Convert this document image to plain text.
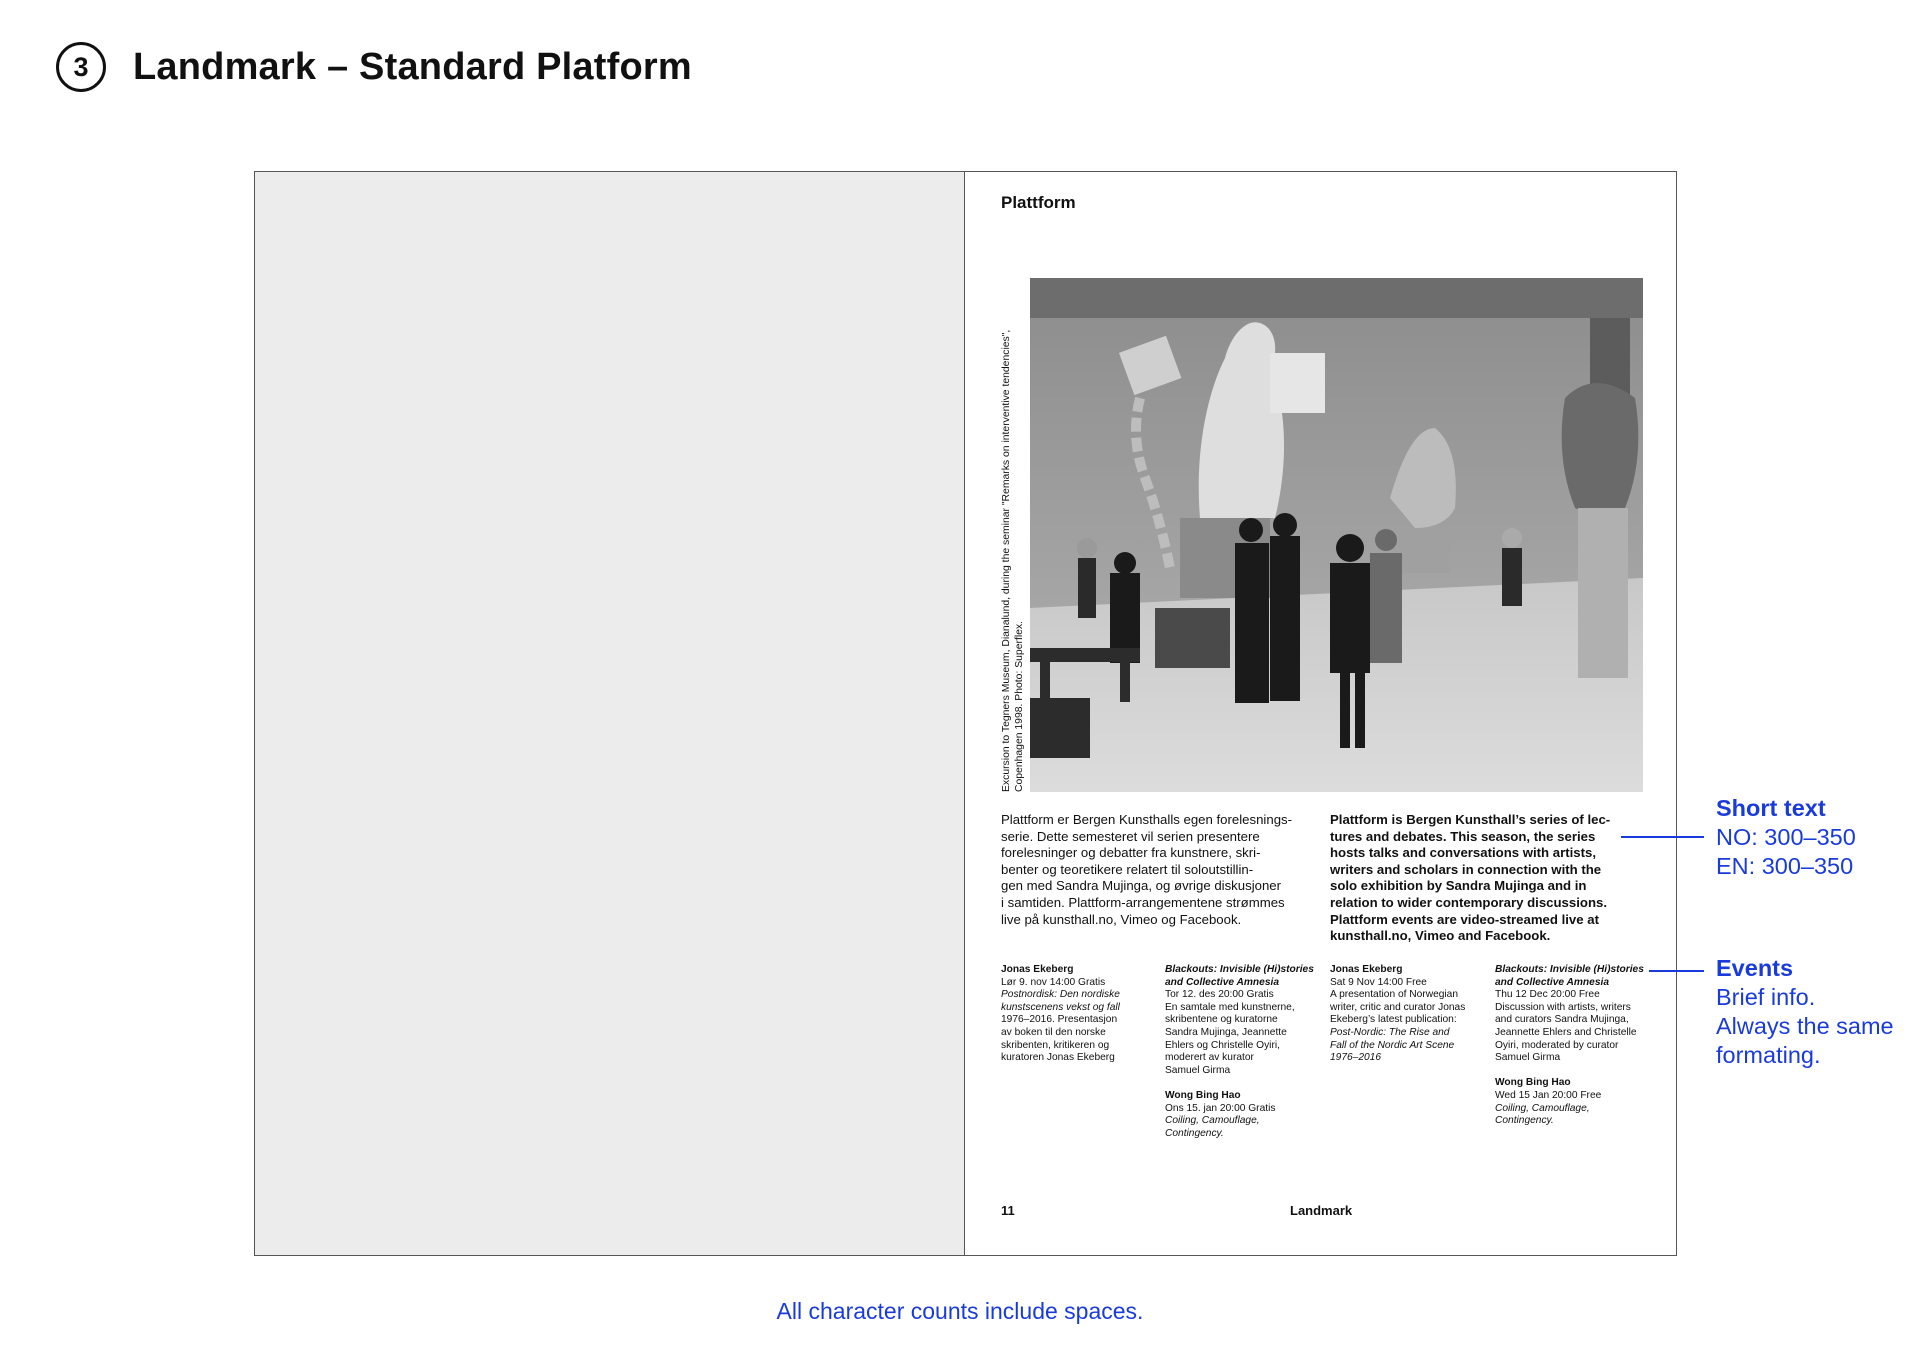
3	Landmark – Standard Platform
Plattform
Excursion to Tegners Museum, Dianalund, during the seminar "Remarks on interventive tendencies", Copenhagen 1998. Photo: Superflex.
Plattform er Bergen Kunsthalls egen forelesnings-
serie. Dette semesteret vil serien presentere
forelesninger og debatter fra kunstnere, skri-
benter og teoretikere relatert til soloutstillin-
gen med Sandra Mujinga, og øvrige diskusjoner
i samtiden. Plattform-arrangementene strømmes
live på kunsthall.no, Vimeo og Facebook.
Plattform is Bergen Kunsthall’s series of lec-
tures and debates. This season, the series
hosts talks and conversations with artists,
writers and scholars in connection with the
solo exhibition by Sandra Mujinga and in
relation to wider contemporary discussions.
Plattform events are video-streamed live at
kunsthall.no, Vimeo and Facebook.
Jonas Ekeberg
Lør 9. nov 14:00 Gratis
Postnordisk: Den nordiske
kunstscenens vekst og fall
1976–2016. Presentasjon
av boken til den norske
skribenten, kritikeren og
kuratoren Jonas Ekeberg
Blackouts: Invisible (Hi)stories and Collective Amnesia
Tor 12. des 20:00 Gratis
En samtale med kunstnerne,
skribentene og kuratorne
Sandra Mujinga, Jeannette
Ehlers og Christelle Oyiri,
moderert av kurator
Samuel Girma
Wong Bing Hao
Ons 15. jan 20:00 Gratis
Coiling, Camouflage,
Contingency.
Jonas Ekeberg
Sat 9 Nov 14:00 Free
A presentation of Norwegian
writer, critic and curator Jonas
Ekeberg’s latest publication:
Post-Nordic: The Rise and
Fall of the Nordic Art Scene
1976–2016
Blackouts: Invisible (Hi)stories and Collective Amnesia
Thu 12 Dec 20:00 Free
Discussion with artists, writers
and curators Sandra Mujinga,
Jeannette Ehlers and Christelle
Oyiri, moderated by curator
Samuel Girma
Wong Bing Hao
Wed 15 Jan 20:00 Free
Coiling, Camouflage,
Contingency.
11	Landmark
Short text
NO: 300–350
EN: 300–350
Events
Brief info.
Always the same
formating.
All character counts include spaces.
